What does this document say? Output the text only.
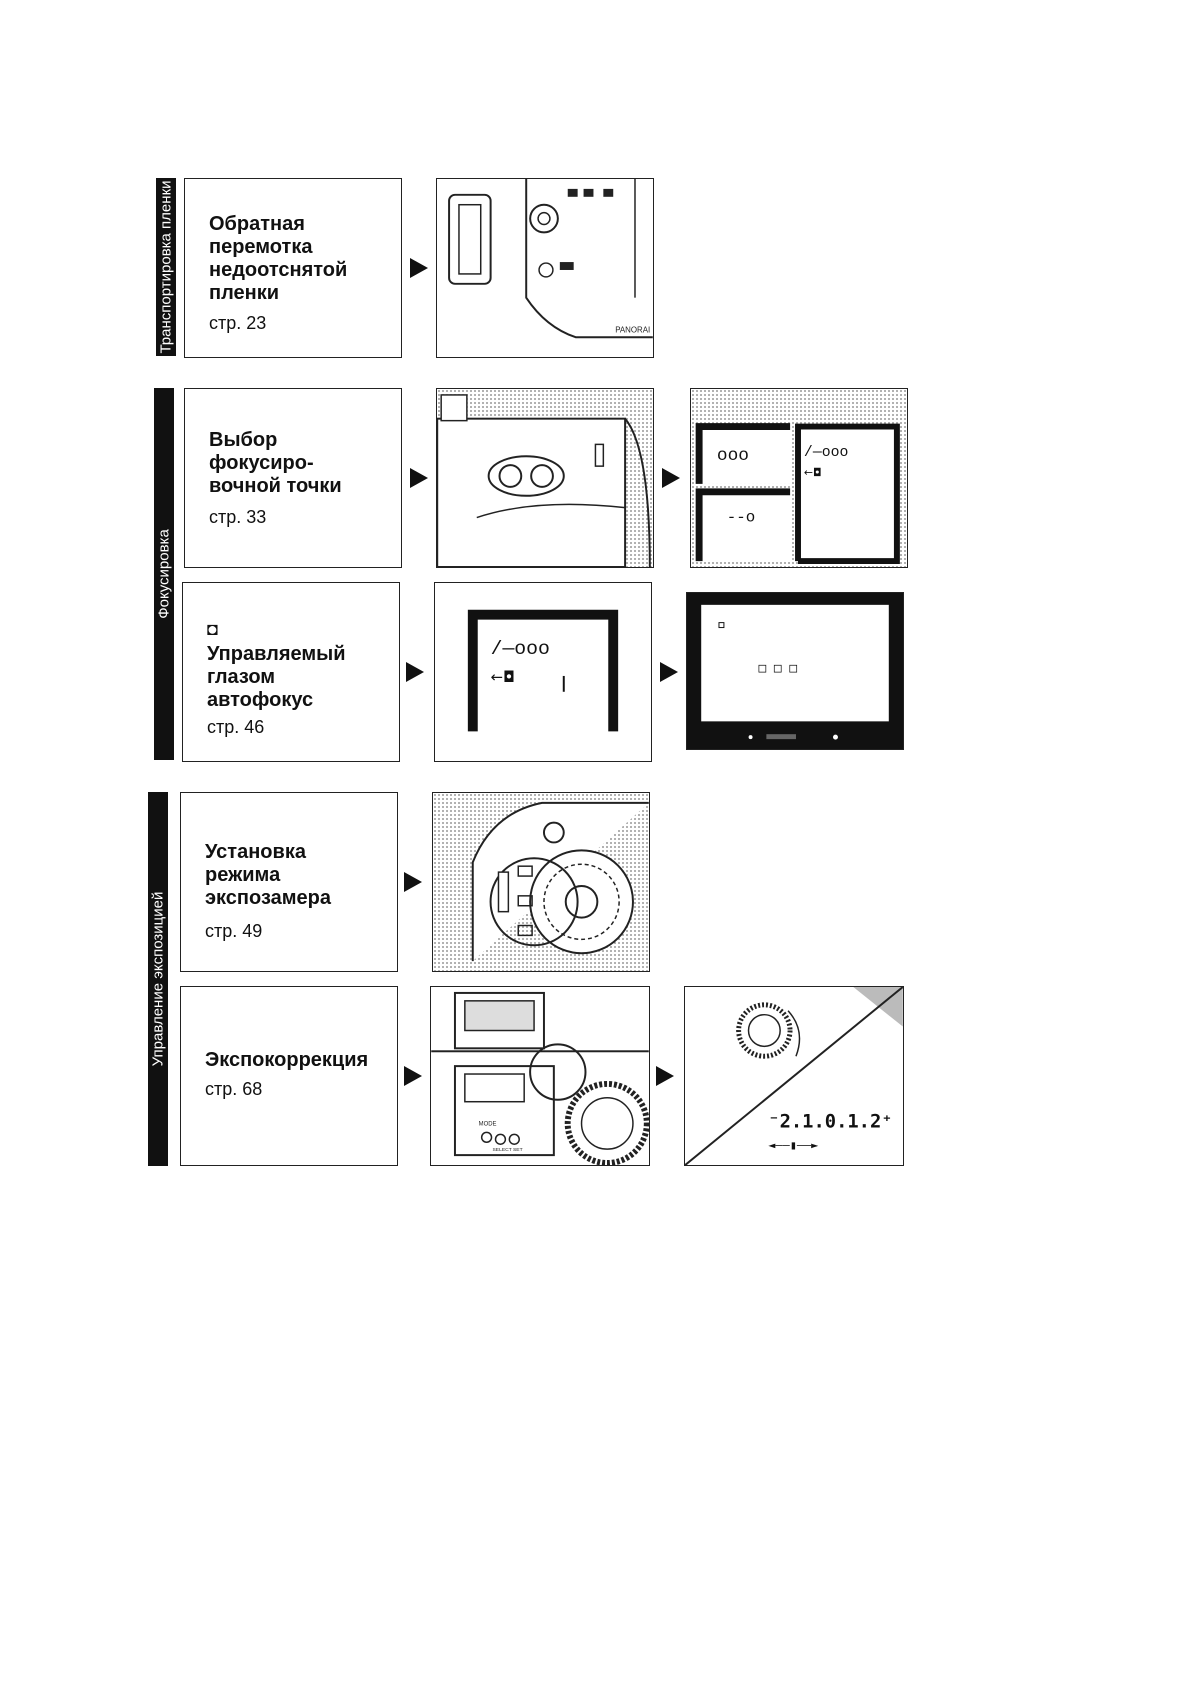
Транспортировка пленки
Фокусировка
Управление экспозицией
Обратная
перемотка
недоотснятой
пленки
стр. 23	PANORAI
Выбор
фокусиро-
вочной точки
стр. 33
ooo
--o
/—ooo
←◘
◘
Управляемый
глазом
автофокус
стр. 46
/—ooo
←◘
□ □ □
Установка
режима
экспозамера
стр. 49
Экспокоррекция
стр. 68
MODE
SELECT SET
⁻2.1.0.1.2⁺
◄——▮——►
